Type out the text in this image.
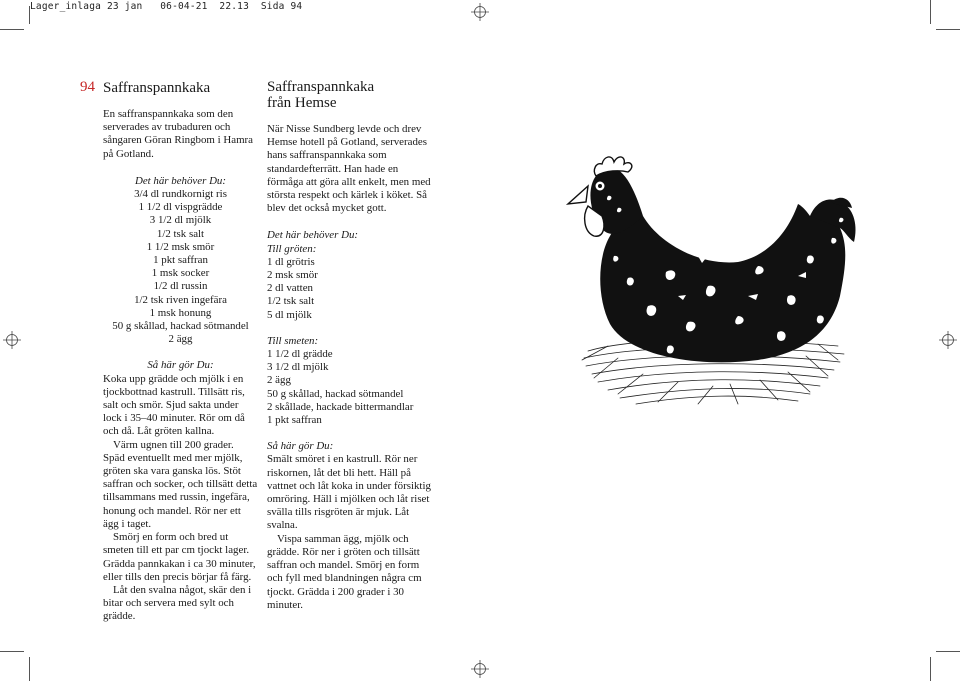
Lager_inlaga 23 jan   06-04-21  22.13  Sida 94
94 Saffranspannkaka

En saffranspannkaka som den serverades av trubaduren och sångaren Göran Ringbom i Hamra på Gotland.

Det här behöver Du:

3/4 dl rundkornigt ris
1 1/2 dl vispgrädde
3 1/2 dl mjölk
1/2 tsk salt
1 1/2 msk smör
1 pkt saffran
1 msk socker
1/2 dl russin
1/2 tsk riven ingefära
1 msk honung
50 g skållad, hackad sötmandel
2 ägg

Så här gör Du:

Koka upp grädde och mjölk i en tjockbottnad kastrull. Tillsätt ris, salt och smör. Sjud sakta under lock i 35–40 minuter. Rör om då och då. Låt gröten kallna.

Värm ugnen till 200 grader. Späd eventuellt med mer mjölk, gröten ska vara ganska lös. Stöt saffran och socker, och tillsätt detta tillsammans med russin, ingefära, honung och mandel. Rör ner ett ägg i taget.

Smörj en form och bred ut smeten till ett par cm tjockt lager. Grädda pannkakan i ca 30 minuter, eller tills den precis börjar få färg.

Låt den svalna något, skär den i bitar och servera med sylt och grädde.

Saffranspannkaka
från Hemse

När Nisse Sundberg levde och drev Hemse hotell på Gotland, serverades hans saffranspannkaka som standardefterrätt. Han hade en förmåga att göra allt enkelt, men med största respekt och kärlek i köket. Så blev det också mycket gott.

Det här behöver Du:

Till gröten:

1 dl grötris
2 msk smör
2 dl vatten
1/2 tsk salt
5 dl mjölk

Till smeten:

1 1/2 dl grädde
3 1/2 dl mjölk
2 ägg
50 g skållad, hackad sötmandel
2 skållade, hackade bittermandlar
1 pkt saffran

Så här gör Du:

Smält smöret i en kastrull. Rör ner riskornen, låt det bli hett. Häll på vattnet och låt koka in under försiktig omröring. Häll i mjölken och låt riset svälla tills risgröten är mjuk. Låt svalna.

Vispa samman ägg, mjölk och grädde. Rör ner i gröten och tillsätt saffran och mandel. Smörj en form och fyll med blandningen några cm tjockt. Grädda i 200 grader i 30 minuter.
